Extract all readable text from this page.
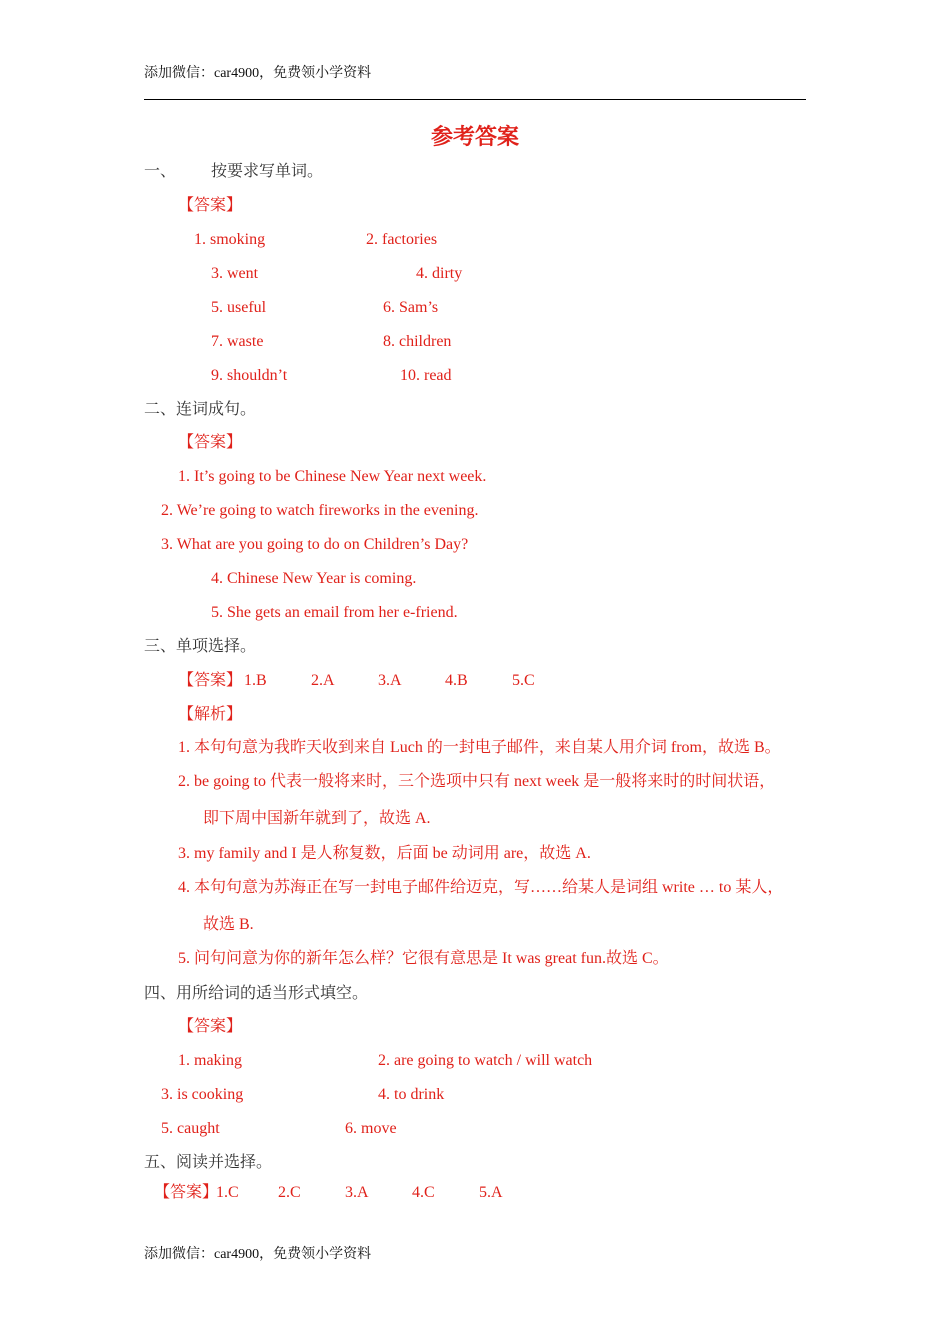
添加微信：car4900，免费领小学资料
参考答案
一、 按要求写单词。
【答案】
1. smoking	2. factories
3. went	4. dirty
5. useful	6. Sam’s
7. waste	8. children
9. shouldn’t	10. read
二、连词成句。
【答案】
1. It’s going to be Chinese New Year next week.
2. We’re going to watch fireworks in the evening.
3. What are you going to do on Children’s Day?
4. Chinese New Year is coming.
5. She gets an email from her e-friend.
三、单项选择。
【答案】 1.B	2.A	3.A	4.B	5.C
【解析】
1. 本句句意为我昨天收到来自 Luch 的一封电子邮件，来自某人用介词 from，故选 B。
2. be going to 代表一般将来时，三个选项中只有 next week 是一般将来时的时间状语，
即下周中国新年就到了，故选 A.
3. my family and I 是人称复数，后面 be 动词用 are，故选 A.
4. 本句句意为苏海正在写一封电子邮件给迈克，写……给某人是词组 write … to 某人，
故选 B.
5. 问句问意为你的新年怎么样？它很有意思是 It was great fun.故选 C。
四、用所给词的适当形式填空。
【答案】
1. making	2. are going to watch / will watch
3. is cooking	4. to drink
5. caught	6. move
五、阅读并选择。
【答案】
1.C 2.C	3.A	4.C	5.A
添加微信：car4900，免费领小学资料
